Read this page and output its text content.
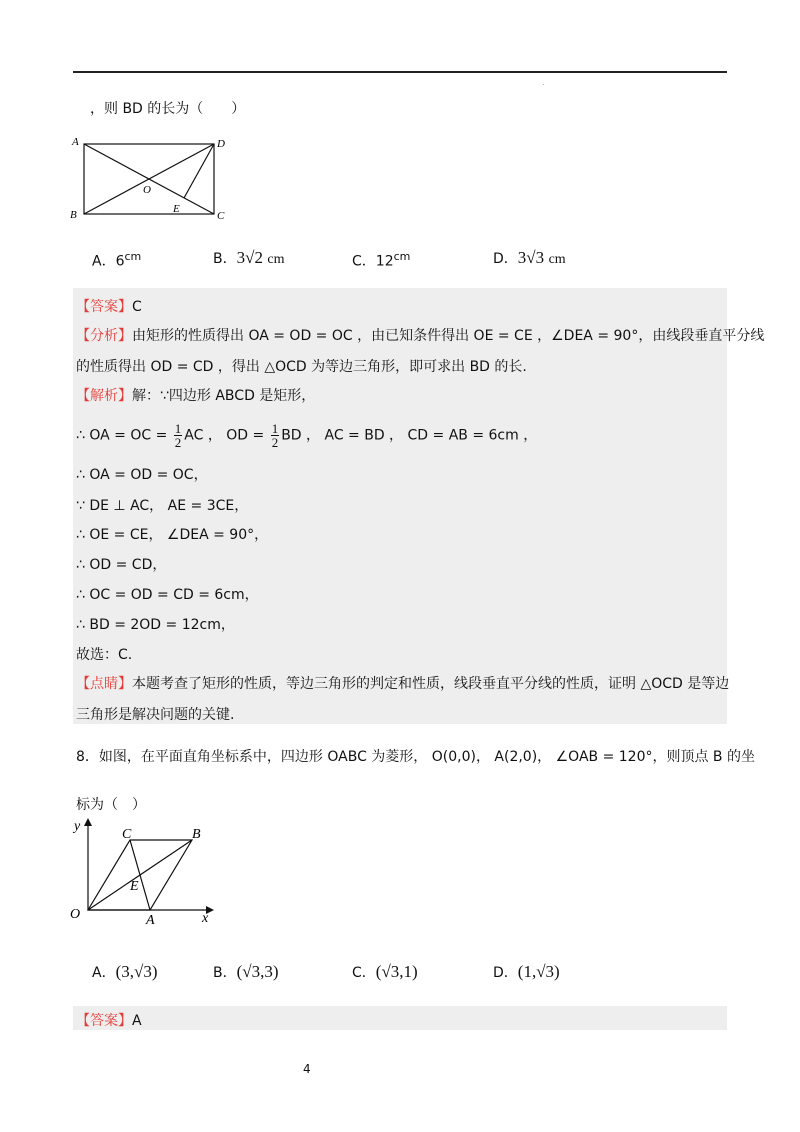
.
，则 BD 的长为（　　）
A
B	C
D
O
E
A．$6^{cm}$	B．3√2 cm	C．$12^{cm}$	D．3√3 cm
【答案】C
【分析】由矩形的性质得出 OA = OD = OC ，由已知条件得出 OE = CE ，∠DEA = 90°，由线段垂直平分线
的性质得出 OD = CD ，得出 △OCD 为等边三角形，即可求出 BD 的长.
【解析】解：∵四边形 ABCD 是矩形，
∴ OA = OC = $\frac{1}{2}$ AC ， OD = $\frac{1}{2}$ BD ， AC = BD ， CD = AB = 6cm ，
∴ OA = OD = OC，
∵ DE ⊥ AC， AE = 3CE，
∴ OE = CE， ∠DEA = 90°，
∴ OD = CD，
∴ OC = OD = CD = 6cm，
∴ BD = 2OD = 12cm，
故选：C.
【点睛】本题考查了矩形的性质，等边三角形的判定和性质，线段垂直平分线的性质，证明 △OCD 是等边
三角形是解决问题的关键.
8．如图，在平面直角坐标系中，四边形 OABC 为菱形， O(0,0)， A(2,0)， ∠OAB = 120°，则顶点 B 的坐
标为（　）
y
x
O	A
B
C
E
A．(3,√3)	B．(√3,3)	C．(√3,1)	D．(1,√3)
【答案】A
4
